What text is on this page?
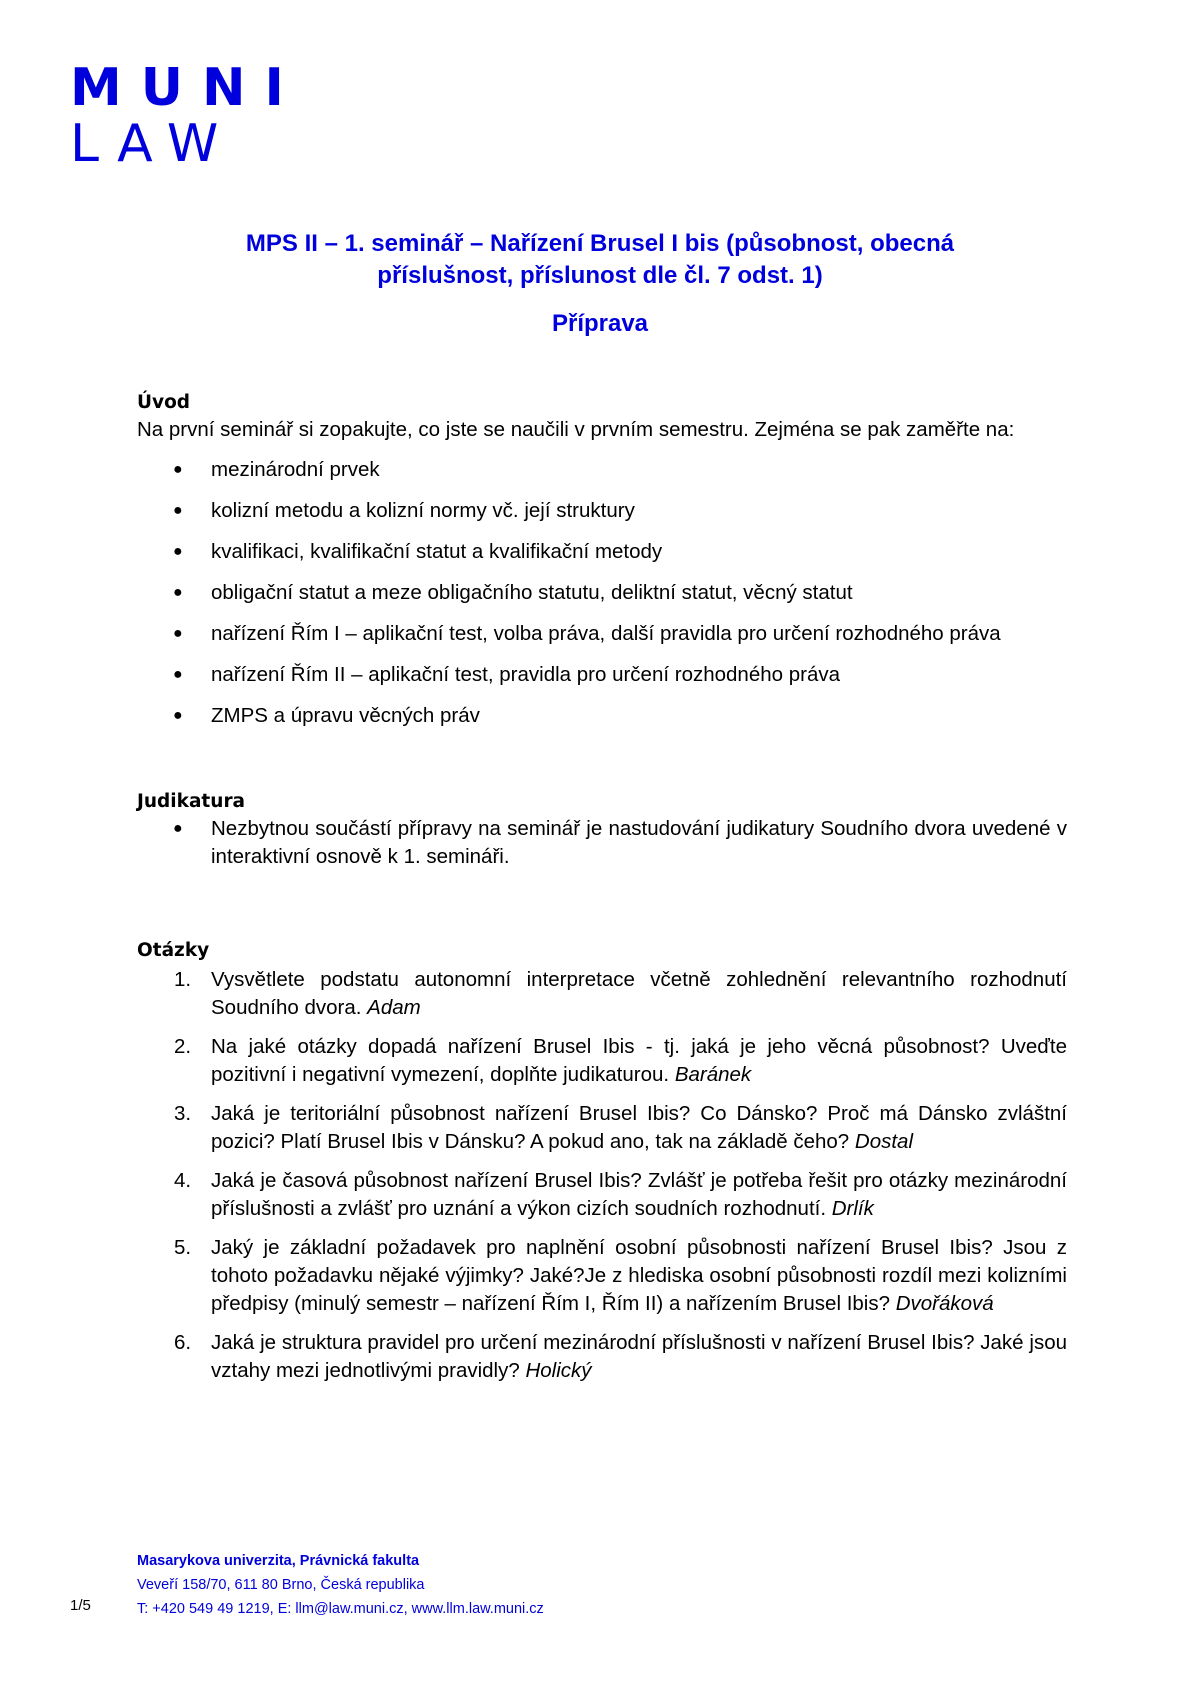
MUNI
LAW
MPS II – 1. seminář – Nařízení Brusel I bis (působnost, obecná
příslušnost, příslunost dle čl. 7 odst. 1)
Příprava
Úvod
Na první seminář si zopakujte, co jste se naučili v prvním semestru. Zejména se pak zaměřte na:
● mezinárodní prvek
● kolizní metodu a kolizní normy vč. její struktury
● kvalifikaci, kvalifikační statut a kvalifikační metody
● obligační statut a meze obligačního statutu, deliktní statut, věcný statut
● nařízení Řím I – aplikační test, volba práva, další pravidla pro určení rozhodného práva
● nařízení Řím II – aplikační test, pravidla pro určení rozhodného práva
● ZMPS a úpravu věcných práv
Judikatura
● Nezbytnou součástí přípravy na seminář je nastudování judikatury Soudního dvora uvedené v interaktivní osnově k 1. semináři.
Otázky
1. Vysvětlete podstatu autonomní interpretace včetně zohlednění relevantního rozhodnutí Soudního dvora. Adam
2. Na jaké otázky dopadá nařízení Brusel Ibis - tj. jaká je jeho věcná působnost? Uveďte pozitivní i negativní vymezení, doplňte judikaturou. Baránek
3. Jaká je teritoriální působnost nařízení Brusel Ibis? Co Dánsko? Proč má Dánsko zvláštní pozici? Platí Brusel Ibis v Dánsku? A pokud ano, tak na základě čeho? Dostal
4. Jaká je časová působnost nařízení Brusel Ibis? Zvlášť je potřeba řešit pro otázky mezinárodní příslušnosti a zvlášť pro uznání a výkon cizích soudních rozhodnutí. Drlík
5. Jaký je základní požadavek pro naplnění osobní působnosti nařízení Brusel Ibis? Jsou z tohoto požadavku nějaké výjimky? Jaké?Je z hlediska osobní působnosti rozdíl mezi kolizními předpisy (minulý semestr – nařízení Řím I, Řím II) a nařízením Brusel Ibis? Dvořáková
6. Jaká je struktura pravidel pro určení mezinárodní příslušnosti v nařízení Brusel Ibis? Jaké jsou vztahy mezi jednotlivými pravidly? Holický
Masarykova univerzita, Právnická fakulta
Veveří 158/70, 611 80 Brno, Česká republika
T: +420 549 49 1219, E: llm@law.muni.cz, www.llm.law.muni.cz
1/5
